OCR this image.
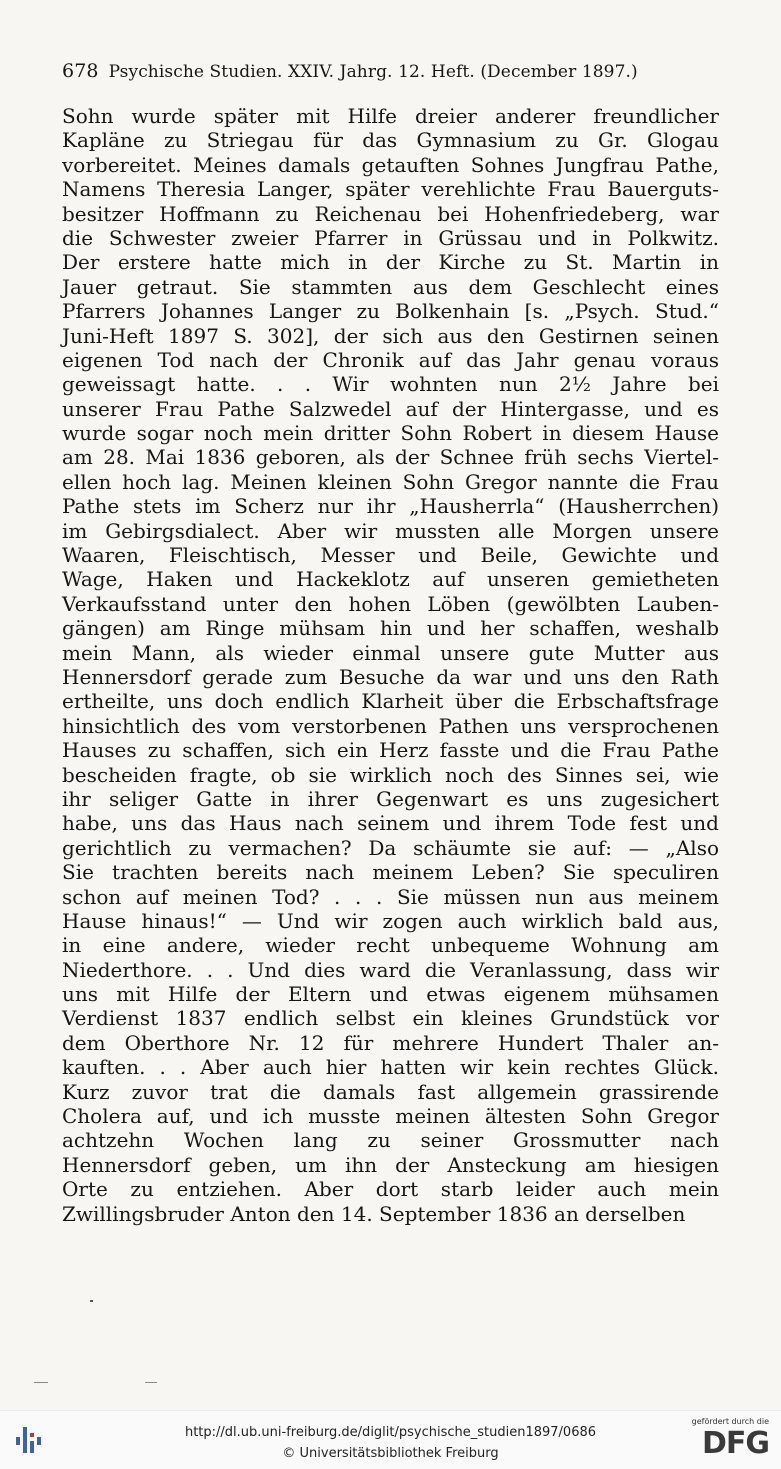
678 Psychische Studien. XXIV. Jahrg. 12. Heft. (December 1897.)
Sohn wurde später mit Hilfe dreier anderer freundlicher
Kapläne zu Striegau für das Gymnasium zu Gr. Glogau
vorbereitet. Meines damals getauften Sohnes Jungfrau Pathe,
Namens Theresia Langer, später verehlichte Frau Bauerguts-
besitzer Hoffmann zu Reichenau bei Hohenfriedeberg, war
die Schwester zweier Pfarrer in Grüssau und in Polkwitz.
Der erstere hatte mich in der Kirche zu St. Martin in
Jauer getraut. Sie stammten aus dem Geschlecht eines
Pfarrers Johannes Langer zu Bolkenhain [s. „Psych. Stud.“
Juni-Heft 1897 S. 302], der sich aus den Gestirnen seinen
eigenen Tod nach der Chronik auf das Jahr genau voraus
geweissagt hatte. . . Wir wohnten nun 2½ Jahre bei
unserer Frau Pathe Salzwedel auf der Hintergasse, und es
wurde sogar noch mein dritter Sohn Robert in diesem Hause
am 28. Mai 1836 geboren, als der Schnee früh sechs Viertel-
ellen hoch lag. Meinen kleinen Sohn Gregor nannte die Frau
Pathe stets im Scherz nur ihr „Hausherrla“ (Hausherrchen)
im Gebirgsdialect. Aber wir mussten alle Morgen unsere
Waaren, Fleischtisch, Messer und Beile, Gewichte und
Wage, Haken und Hackeklotz auf unseren gemietheten
Verkaufsstand unter den hohen Löben (gewölbten Lauben-
gängen) am Ringe mühsam hin und her schaffen, weshalb
mein Mann, als wieder einmal unsere gute Mutter aus
Hennersdorf gerade zum Besuche da war und uns den Rath
ertheilte, uns doch endlich Klarheit über die Erbschaftsfrage
hinsichtlich des vom verstorbenen Pathen uns versprochenen
Hauses zu schaffen, sich ein Herz fasste und die Frau Pathe
bescheiden fragte, ob sie wirklich noch des Sinnes sei, wie
ihr seliger Gatte in ihrer Gegenwart es uns zugesichert
habe, uns das Haus nach seinem und ihrem Tode fest und
gerichtlich zu vermachen? Da schäumte sie auf: — „Also
Sie trachten bereits nach meinem Leben? Sie speculiren
schon auf meinen Tod? . . . Sie müssen nun aus meinem
Hause hinaus!“ — Und wir zogen auch wirklich bald aus,
in eine andere, wieder recht unbequeme Wohnung am
Niederthore. . . Und dies ward die Veranlassung, dass wir
uns mit Hilfe der Eltern und etwas eigenem mühsamen
Verdienst 1837 endlich selbst ein kleines Grundstück vor
dem Oberthore Nr. 12 für mehrere Hundert Thaler an-
kauften. . . Aber auch hier hatten wir kein rechtes Glück.
Kurz zuvor trat die damals fast allgemein grassirende
Cholera auf, und ich musste meinen ältesten Sohn Gregor
achtzehn Wochen lang zu seiner Grossmutter nach
Hennersdorf geben, um ihn der Ansteckung am hiesigen
Orte zu entziehen. Aber dort starb leider auch mein
Zwillingsbruder Anton den 14. September 1836 an derselben
http://dl.ub.uni-freiburg.de/diglit/psychische_studien1897/0686
© Universitätsbibliothek Freiburg
gefördert durch die
DFG
